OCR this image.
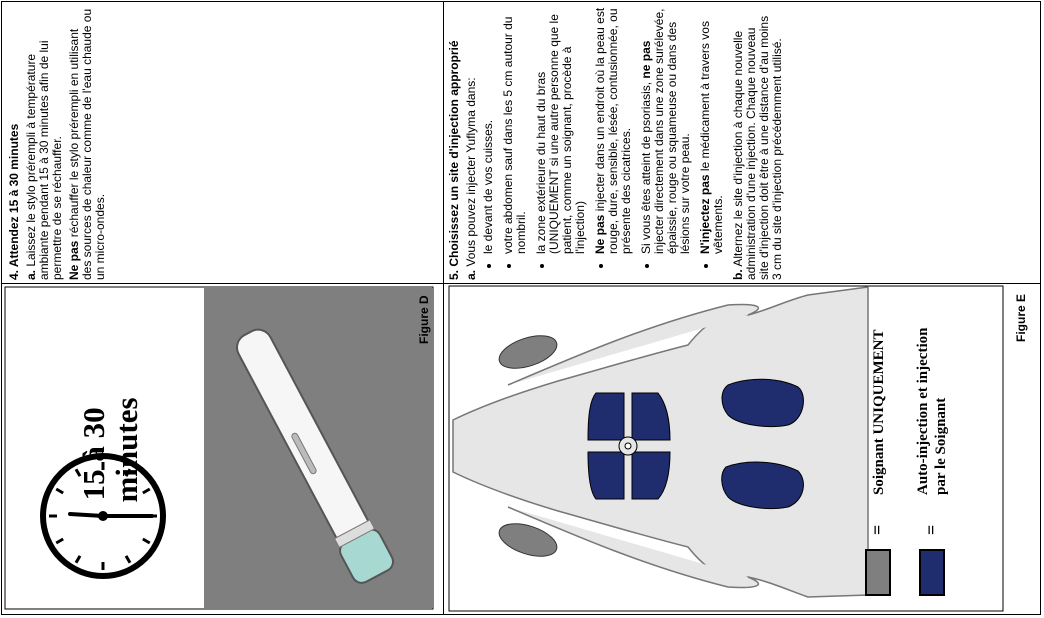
4. Attendez 15 à 30 minutes a. Laissez le stylo prérempli à température ambiante pendant 15 à 30 minutes afin de lui permettre de se réchauffer. Ne pas réchauffer le stylo prérempli en utilisant des sources de chaleur comme de l'eau chaude ou un micro-ondes.	5. Choisissez un site d'injection approprié a. Vous pouvez injecter Yuflyma dans: • le devant de vos cuisses. • votre abdomen sauf dans les 5 cm autour du nombril. • la zone extérieure du haut du bras (UNIQUEMENT si une autre personne que le patient, comme un soignant, procède à l'injection) • Ne pas injecter dans un endroit où la peau est rouge, dure, sensible, lésée, contusionnée, ou présente des cicatrices. • Si vous êtes atteint de psoriasis, ne pas injecter directement dans une zone surélevée, épaissie, rouge ou squameuse ou dans des lésions sur votre peau. • N'injectez pas le médicament à travers vos vêtements.

b. Alternez le site d'injection à chaque nouvelle administration d'une injection. Chaque nouveau site d'injection doit être à une distance d'au moins 3 cm du site d'injection précédemment utilisé.

15 à 30 minutes
Figure D
= =
Soignant UNIQUEMENT Auto-injection et injection par le Soignant
Figure E
